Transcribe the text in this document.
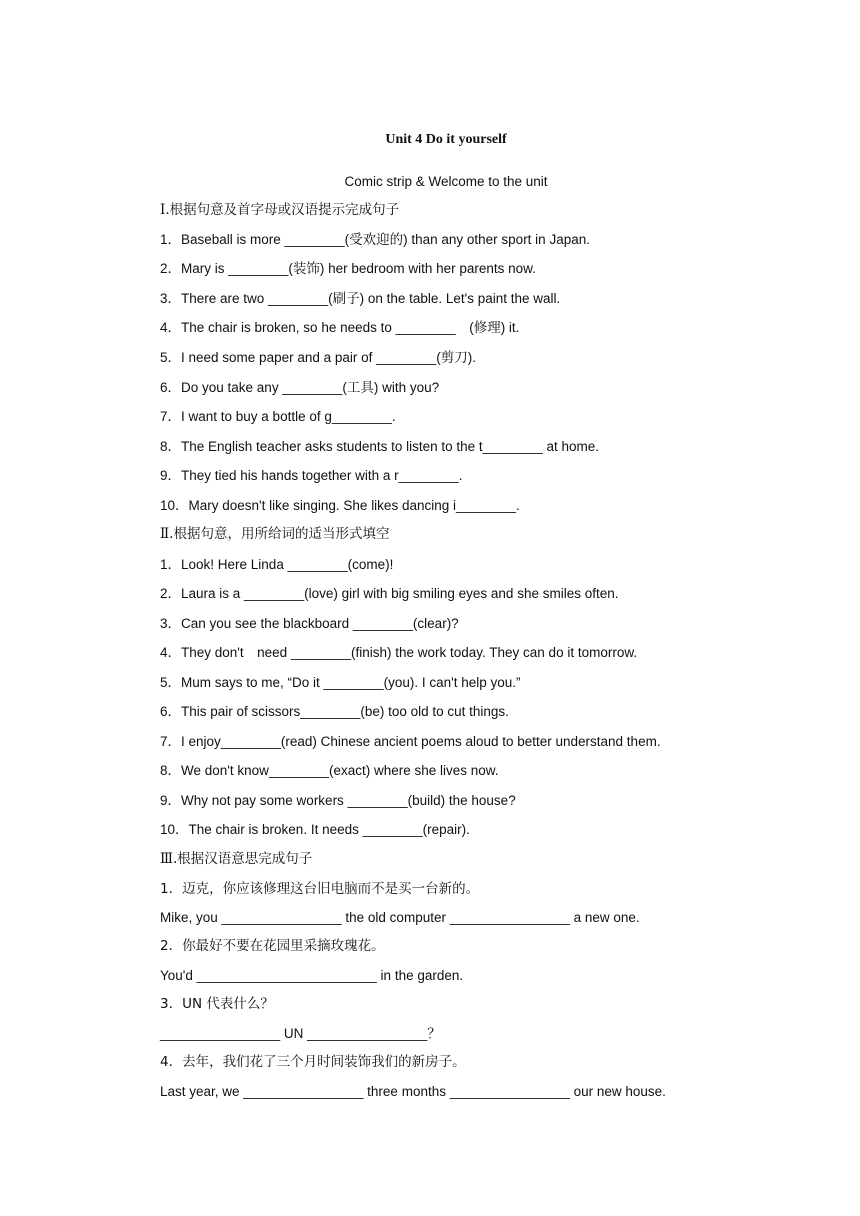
Unit 4 Do it yourself
Comic strip & Welcome to the unit
Ⅰ.根据句意及首字母或汉语提示完成句子
1．Baseball is more ________(受欢迎的) than any other sport in Japan.
2．Mary is ________(装饰) her bedroom with her parents now.
3．There are two ________(刷子) on the table. Let's paint the wall.
4．The chair is broken, so he needs to ________　(修理) it.
5．I need some paper and a pair of ________(剪刀).
6．Do you take any ________(工具) with you?
7．I want to buy a bottle of g________.
8．The English teacher asks students to listen to the t________ at home.
9．They tied his hands together with a r________.
10．Mary doesn't like singing. She likes dancing i________.
Ⅱ.根据句意，用所给词的适当形式填空
1．Look! Here Linda ________(come)!
2．Laura is a ________(love) girl with big smiling eyes and she smiles often.
3．Can you see the blackboard ________(clear)?
4．They don't　need ________(finish) the work today. They can do it tomorrow.
5．Mum says to me, “Do it ________(you). I can't help you.”
6．This pair of scissors________(be) too old to cut things.
7．I enjoy________(read) Chinese ancient poems aloud to better understand them.
8．We don't know________(exact) where she lives now.
9．Why not pay some workers ________(build) the house?
10．The chair is broken. It needs ________(repair).
Ⅲ.根据汉语意思完成句子
1．迈克，你应该修理这台旧电脑而不是买一台新的。
Mike, you ________________ the old computer ________________ a new one.
2．你最好不要在花园里采摘玫瑰花。
You'd ________________________ in the garden.
3．UN 代表什么？
________________ UN ________________？
4．去年，我们花了三个月时间装饰我们的新房子。
Last year, we ________________ three months ________________ our new house.
